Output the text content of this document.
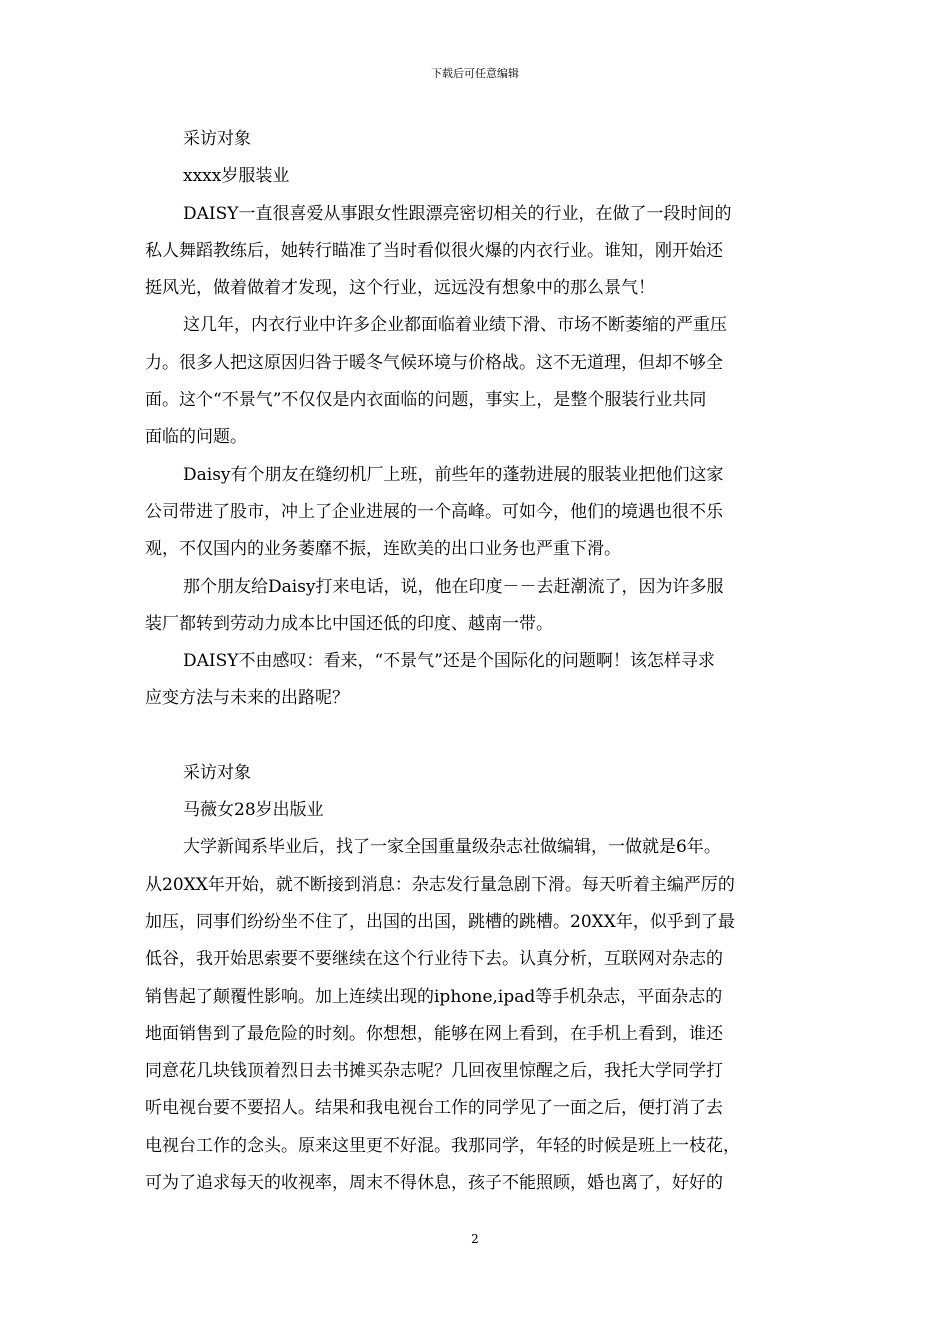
下载后可任意编辑
采访对象
xxxx岁服装业
DAISY一直很喜爱从事跟女性跟漂亮密切相关的行业，在做了一段时间的
私人舞蹈教练后，她转行瞄准了当时看似很火爆的内衣行业。谁知，刚开始还
挺风光，做着做着才发现，这个行业，远远没有想象中的那么景气！
这几年，内衣行业中许多企业都面临着业绩下滑、市场不断萎缩的严重压
力。很多人把这原因归咎于暖冬气候环境与价格战。这不无道理，但却不够全
面。这个“不景气”不仅仅是内衣面临的问题，事实上，是整个服装行业共同
面临的问题。
Daisy有个朋友在缝纫机厂上班，前些年的蓬勃进展的服装业把他们这家
公司带进了股市，冲上了企业进展的一个高峰。可如今，他们的境遇也很不乐
观，不仅国内的业务萎靡不振，连欧美的出口业务也严重下滑。
那个朋友给Daisy打来电话，说，他在印度－－去赶潮流了，因为许多服
装厂都转到劳动力成本比中国还低的印度、越南一带。
DAISY不由感叹：看来，“不景气”还是个国际化的问题啊！该怎样寻求
应变方法与未来的出路呢？
采访对象
马薇女28岁出版业
大学新闻系毕业后，找了一家全国重量级杂志社做编辑，一做就是6年。
从20XX年开始，就不断接到消息：杂志发行量急剧下滑。每天听着主编严厉的
加压，同事们纷纷坐不住了，出国的出国，跳槽的跳槽。20XX年，似乎到了最
低谷，我开始思索要不要继续在这个行业待下去。认真分析，互联网对杂志的
销售起了颠覆性影响。加上连续出现的iphone,ipad等手机杂志，平面杂志的
地面销售到了最危险的时刻。你想想，能够在网上看到，在手机上看到，谁还
同意花几块钱顶着烈日去书摊买杂志呢？几回夜里惊醒之后，我托大学同学打
听电视台要不要招人。结果和我电视台工作的同学见了一面之后，便打消了去
电视台工作的念头。原来这里更不好混。我那同学，年轻的时候是班上一枝花，
可为了追求每天的收视率，周末不得休息，孩子不能照顾，婚也离了，好好的
2
